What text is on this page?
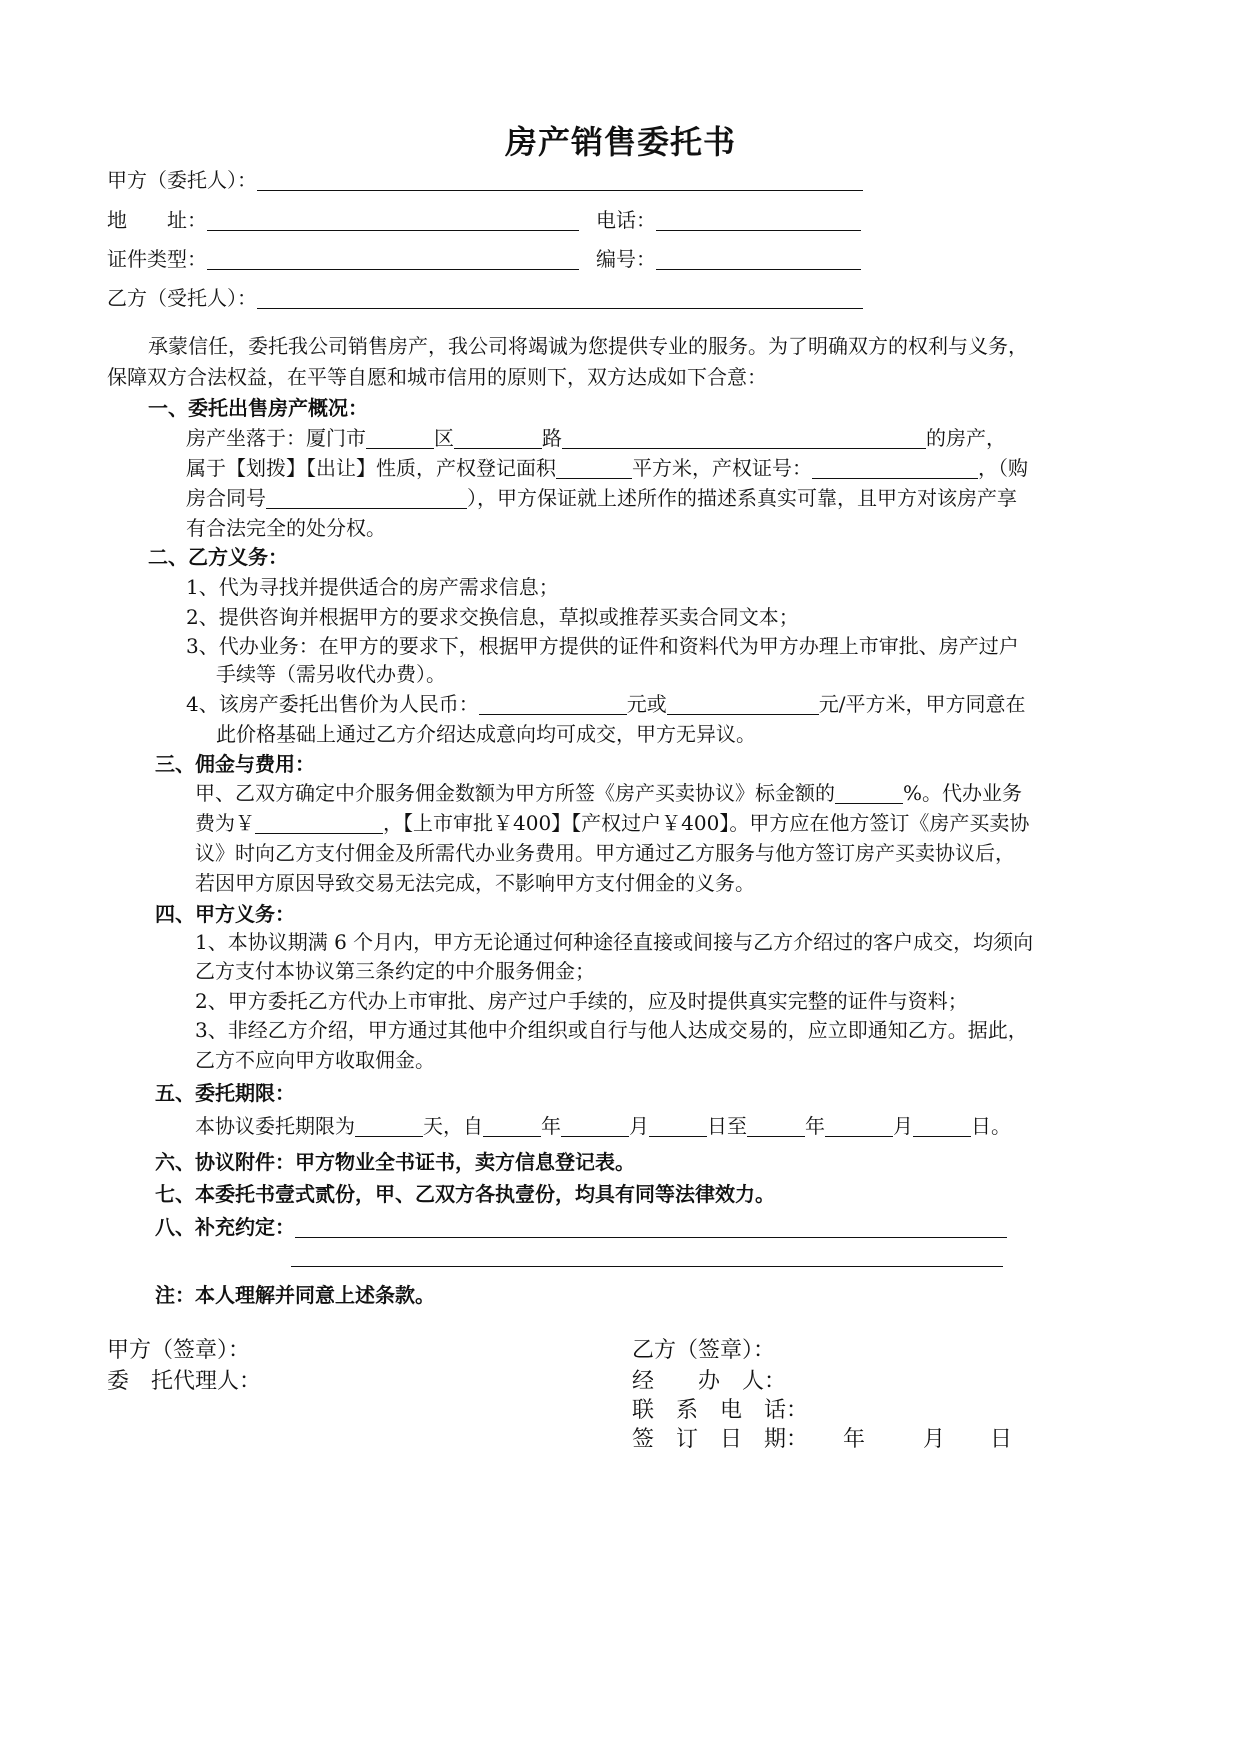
房产销售委托书
甲方（委托人）：
地　　址：	电话：
证件类型：	编号：
乙方（受托人）：
承蒙信任，委托我公司销售房产，我公司将竭诚为您提供专业的服务。为了明确双方的权利与义务，
保障双方合法权益，在平等自愿和城市信用的原则下，双方达成如下合意：
一、委托出售房产概况：
房产坐落于：厦门市	区	路	的房产，
属于【划拨】【出让】性质，产权登记面积	平方米，产权证号：	，（购
房合同号	），甲方保证就上述所作的描述系真实可靠，且甲方对该房产享
有合法完全的处分权。
二、乙方义务：
1、代为寻找并提供适合的房产需求信息；
2、提供咨询并根据甲方的要求交换信息，草拟或推荐买卖合同文本；
3、代办业务：在甲方的要求下，根据甲方提供的证件和资料代为甲方办理上市审批、房产过户
手续等（需另收代办费）。
4、该房产委托出售价为人民币：	元或	元/平方米，甲方同意在
此价格基础上通过乙方介绍达成意向均可成交，甲方无异议。
三、佣金与费用：
甲、乙双方确定中介服务佣金数额为甲方所签《房产买卖协议》标金额的	%。代办业务
费为￥	，【上市审批￥400】【产权过户￥400】。甲方应在他方签订《房产买卖协
议》时向乙方支付佣金及所需代办业务费用。甲方通过乙方服务与他方签订房产买卖协议后，
若因甲方原因导致交易无法完成，不影响甲方支付佣金的义务。
四、甲方义务：
1、本协议期满 6 个月内，甲方无论通过何种途径直接或间接与乙方介绍过的客户成交，均须向
乙方支付本协议第三条约定的中介服务佣金；
2、甲方委托乙方代办上市审批、房产过户手续的，应及时提供真实完整的证件与资料；
3、非经乙方介绍，甲方通过其他中介组织或自行与他人达成交易的，应立即通知乙方。据此，
乙方不应向甲方收取佣金。
五、委托期限：
本协议委托期限为	天，自	年	月	日至	年	月	日。
六、协议附件：甲方物业全书证书，卖方信息登记表。
七、本委托书壹式贰份，甲、乙双方各执壹份，均具有同等法律效力。
八、补充约定：
注：本人理解并同意上述条款。
甲方（签章）：
委　托代理人：
乙方（签章）：
经　　办　人：
联　系　电　话：
签　订　日　期： 年	月 日
